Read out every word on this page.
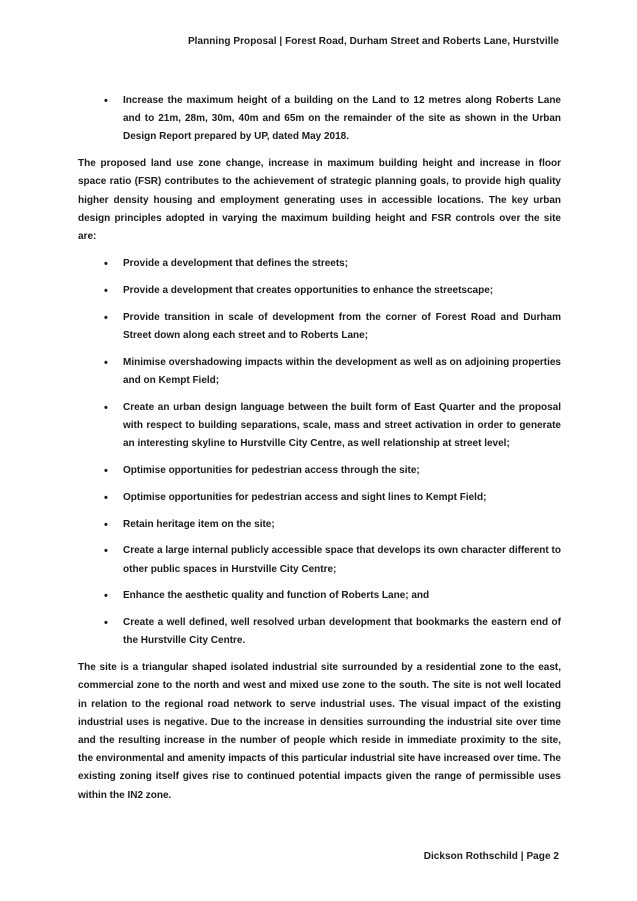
Planning Proposal | Forest Road, Durham Street and Roberts Lane, Hurstville
• Increase the maximum height of a building on the Land to 12 metres along Roberts Lane and to 21m, 28m, 30m, 40m and 65m on the remainder of the site as shown in the Urban Design Report prepared by UP, dated May 2018.

The proposed land use zone change, increase in maximum building height and increase in floor space ratio (FSR) contributes to the achievement of strategic planning goals, to provide high quality higher density housing and employment generating uses in accessible locations. The key urban design principles adopted in varying the maximum building height and FSR controls over the site are:

• Provide a development that defines the streets;
• Provide a development that creates opportunities to enhance the streetscape;
• Provide transition in scale of development from the corner of Forest Road and Durham Street down along each street and to Roberts Lane;
• Minimise overshadowing impacts within the development as well as on adjoining properties and on Kempt Field;
• Create an urban design language between the built form of East Quarter and the proposal with respect to building separations, scale, mass and street activation in order to generate an interesting skyline to Hurstville City Centre, as well relationship at street level;
• Optimise opportunities for pedestrian access through the site;
• Optimise opportunities for pedestrian access and sight lines to Kempt Field;
• Retain heritage item on the site;
• Create a large internal publicly accessible space that develops its own character different to other public spaces in Hurstville City Centre;
• Enhance the aesthetic quality and function of Roberts Lane; and
• Create a well defined, well resolved urban development that bookmarks the eastern end of the Hurstville City Centre.

The site is a triangular shaped isolated industrial site surrounded by a residential zone to the east, commercial zone to the north and west and mixed use zone to the south. The site is not well located in relation to the regional road network to serve industrial uses. The visual impact of the existing industrial uses is negative. Due to the increase in densities surrounding the industrial site over time and the resulting increase in the number of people which reside in immediate proximity to the site, the environmental and amenity impacts of this particular industrial site have increased over time. The existing zoning itself gives rise to continued potential impacts given the range of permissible uses within the IN2 zone.

Dickson Rothschild | Page 2
